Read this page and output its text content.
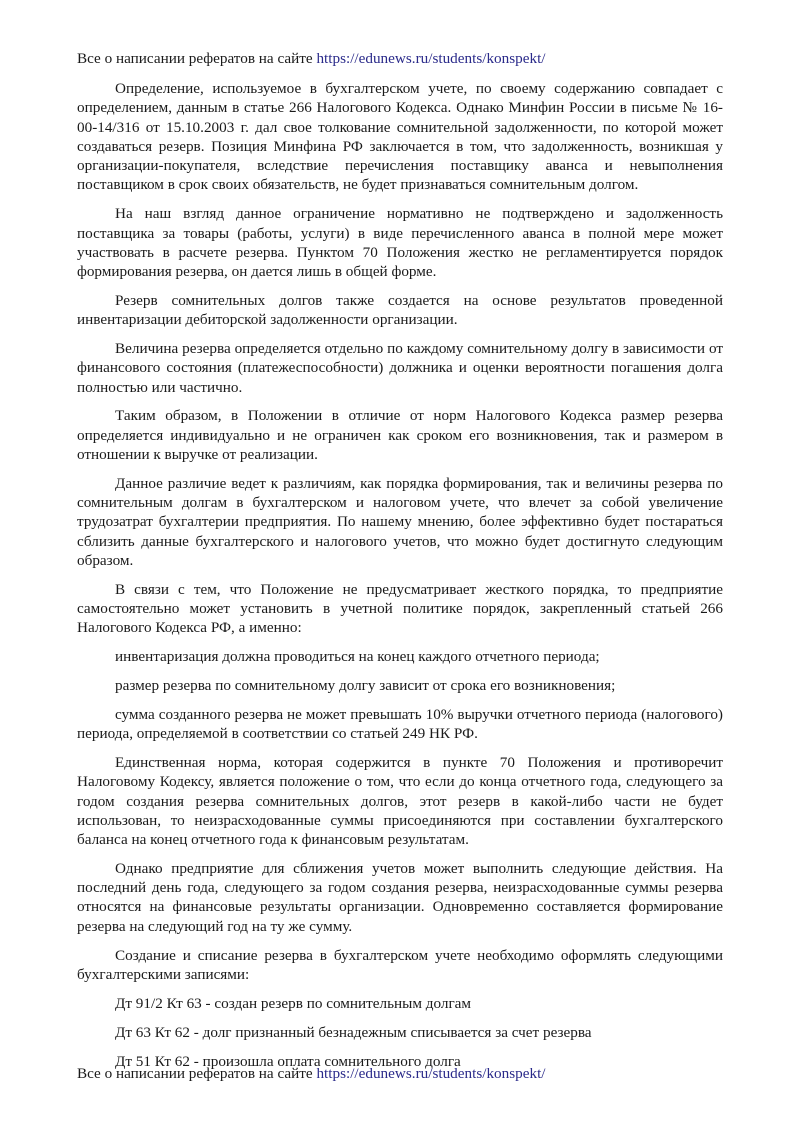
Все о написании рефератов на сайте https://edunews.ru/students/konspekt/

Определение, используемое в бухгалтерском учете, по своему содержанию совпадает с определением, данным в статье 266 Налогового Кодекса. Однако Минфин России в письме № 16-00-14/316 от 15.10.2003 г. дал свое толкование сомнительной задолженности, по которой может создаваться резерв. Позиция Минфина РФ заключается в том, что задолженность, возникшая у организации-покупателя, вследствие перечисления поставщику аванса и невыполнения поставщиком в срок своих обязательств, не будет признаваться сомнительным долгом.

На наш взгляд данное ограничение нормативно не подтверждено и задолженность поставщика за товары (работы, услуги) в виде перечисленного аванса в полной мере может участвовать в расчете резерва. Пунктом 70 Положения жестко не регламентируется порядок формирования резерва, он дается лишь в общей форме.

Резерв сомнительных долгов также создается на основе результатов проведенной инвентаризации дебиторской задолженности организации.

Величина резерва определяется отдельно по каждому сомнительному долгу в зависимости от финансового состояния (платежеспособности) должника и оценки вероятности погашения долга полностью или частично.

Таким образом, в Положении в отличие от норм Налогового Кодекса размер резерва определяется индивидуально и не ограничен как сроком его возникновения, так и размером в отношении к выручке от реализации.

Данное различие ведет к различиям, как порядка формирования, так и величины резерва по сомнительным долгам в бухгалтерском и налоговом учете, что влечет за собой увеличение трудозатрат бухгалтерии предприятия. По нашему мнению, более эффективно будет постараться сблизить данные бухгалтерского и налогового учетов, что можно будет достигнуто следующим образом.

В связи с тем, что Положение не предусматривает жесткого порядка, то предприятие самостоятельно может установить в учетной политике порядок, закрепленный статьей 266 Налогового Кодекса РФ, а именно:

инвентаризация должна проводиться на конец каждого отчетного периода;

размер резерва по сомнительному долгу зависит от срока его возникновения;

сумма созданного резерва не может превышать 10% выручки отчетного периода (налогового) периода, определяемой в соответствии со статьей 249 НК РФ.

Единственная норма, которая содержится в пункте 70 Положения и противоречит Налоговому Кодексу, является положение о том, что если до конца отчетного года, следующего за годом создания резерва сомнительных долгов, этот резерв в какой-либо части не будет использован, то неизрасходованные суммы присоединяются при составлении бухгалтерского баланса на конец отчетного года к финансовым результатам.

Однако предприятие для сближения учетов может выполнить следующие действия. На последний день года, следующего за годом создания резерва, неизрасходованные суммы резерва относятся на финансовые результаты организации. Одновременно составляется формирование резерва на следующий год на ту же сумму.

Создание и списание резерва в бухгалтерском учете необходимо оформлять следующими бухгалтерскими записями:

Дт 91/2 Кт 63 - создан резерв по сомнительным долгам

Дт 63 Кт 62 - долг признанный безнадежным списывается за счет резерва

Дт 51 Кт 62 - произошла оплата сомнительного долга

Все о написании рефератов на сайте https://edunews.ru/students/konspekt/
